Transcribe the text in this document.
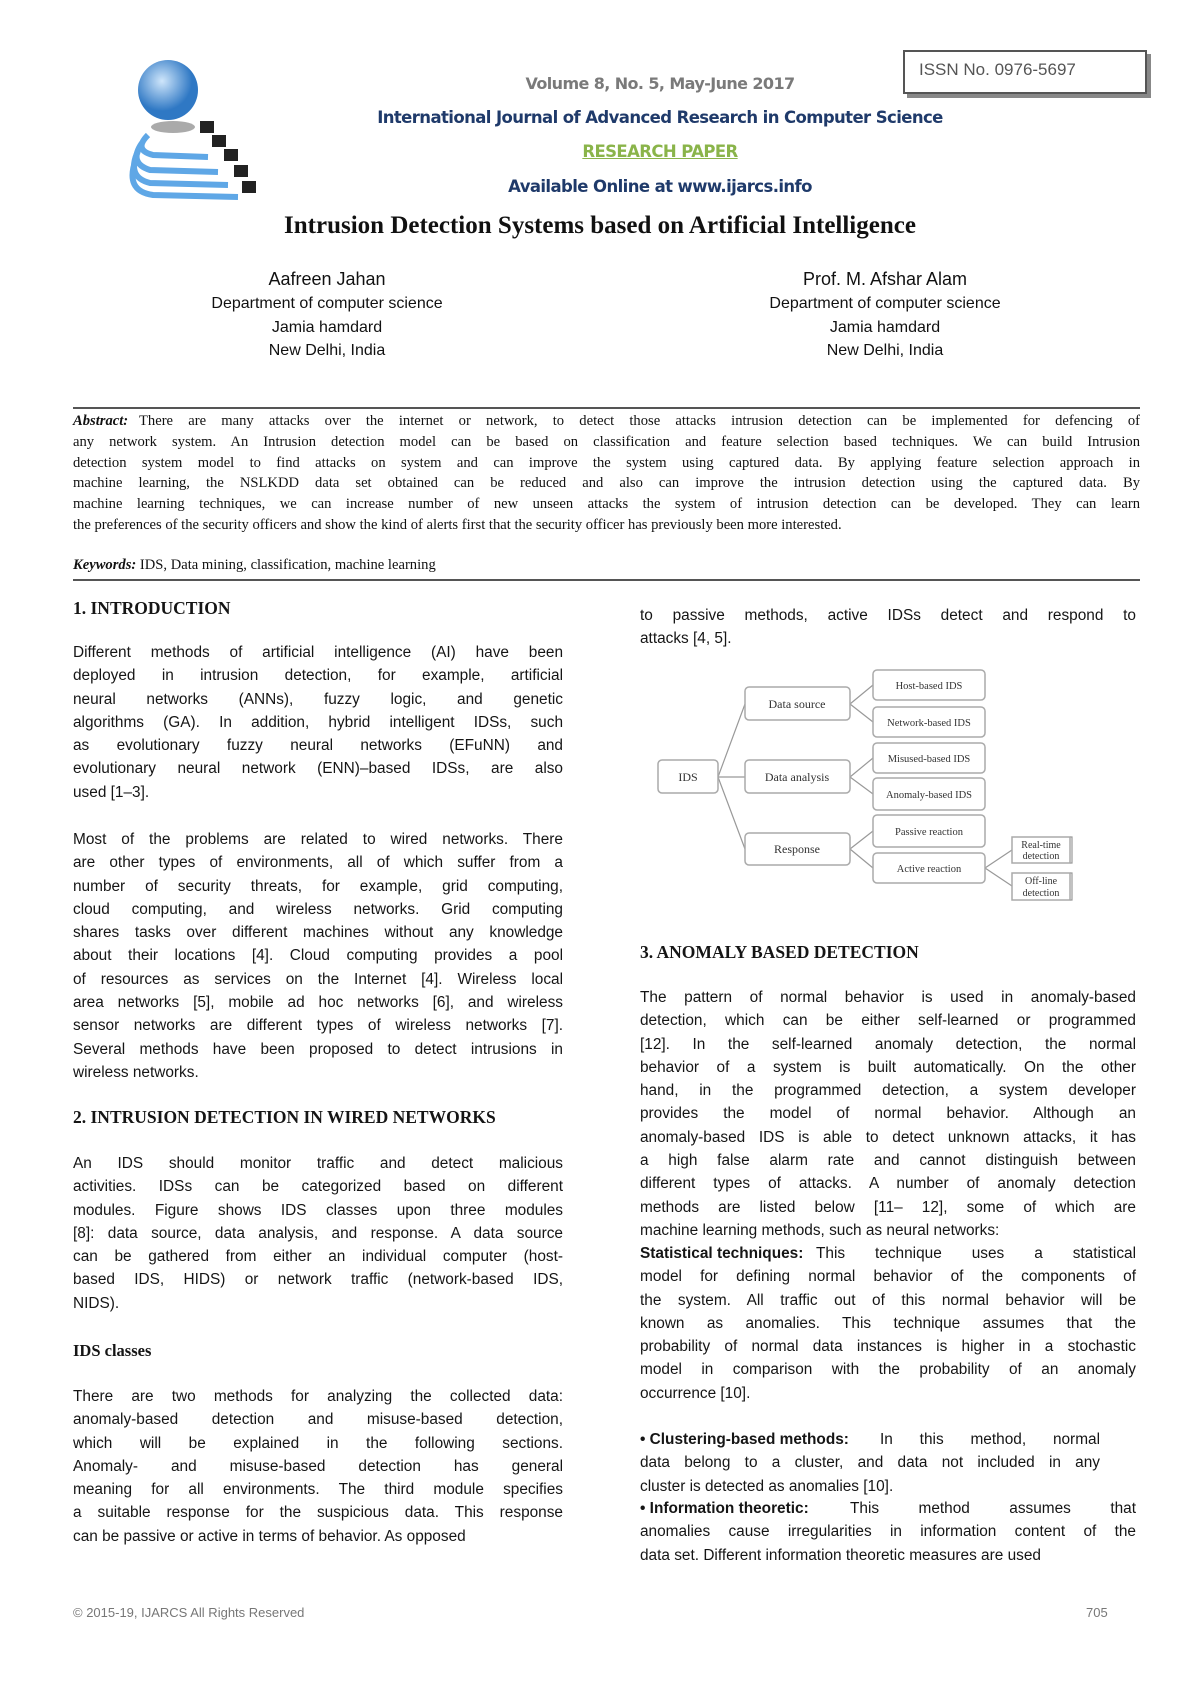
ISSN No. 0976-5697
Volume 8, No. 5, May-June 2017
International Journal of Advanced Research in Computer Science
RESEARCH PAPER
Available Online at www.ijarcs.info
Intrusion Detection Systems based on Artificial Intelligence
Aafreen Jahan
Department of computer science
Jamia hamdard
New Delhi, India
Prof. M. Afshar Alam
Department of computer science
Jamia hamdard
New Delhi, India
Abstract: There are many attacks over the internet or network, to detect those attacks intrusion detection can be implemented for defencing of
any network system. An Intrusion detection model can be based on classification and feature selection based techniques. We can build Intrusion
detection system model to find attacks on system and can improve the system using captured data. By applying feature selection approach in
machine learning, the NSLKDD data set obtained can be reduced and also can improve the intrusion detection using the captured data. By
machine learning techniques, we can increase number of new unseen attacks the system of intrusion detection can be developed. They can learn
the preferences of the security officers and show the kind of alerts first that the security officer has previously been more interested.
Keywords: IDS, Data mining, classification, machine learning
1. INTRODUCTION
Different methods of artificial intelligence (AI) have been
deployed in intrusion detection, for example, artificial
neural networks (ANNs), fuzzy logic, and genetic
algorithms (GA). In addition, hybrid intelligent IDSs, such
as evolutionary fuzzy neural networks (EFuNN) and
evolutionary neural network (ENN)–based IDSs, are also
used [1–3].
Most of the problems are related to wired networks. There
are other types of environments, all of which suffer from a
number of security threats, for example, grid computing,
cloud computing, and wireless networks. Grid computing
shares tasks over different machines without any knowledge
about their locations [4]. Cloud computing provides a pool
of resources as services on the Internet [4]. Wireless local
area networks [5], mobile ad hoc networks [6], and wireless
sensor networks are different types of wireless networks [7].
Several methods have been proposed to detect intrusions in
wireless networks.
2. INTRUSION DETECTION IN WIRED NETWORKS
An IDS should monitor traffic and detect malicious
activities. IDSs can be categorized based on different
modules. Figure shows IDS classes upon three modules
[8]: data source, data analysis, and response. A data source
can be gathered from either an individual computer (host-
based IDS, HIDS) or network traffic (network-based IDS,
NIDS).
IDS classes
There are two methods for analyzing the collected data:
anomaly-based detection and misuse-based detection,
which will be explained in the following sections.
Anomaly- and misuse-based detection has general
meaning for all environments. The third module specifies
a suitable response for the suspicious data. This response
can be passive or active in terms of behavior. As opposed
to passive methods, active IDSs detect and respond to
attacks [4, 5].
IDS
Data source
Data analysis
Response
Host-based IDS
Network-based IDS
Misused-based IDS
Anomaly-based IDS
Passive reaction
Active reaction
Real-time
detection
Off-line
detection
3. ANOMALY BASED DETECTION
The pattern of normal behavior is used in anomaly-based
detection, which can be either self-learned or programmed
[12]. In the self-learned anomaly detection, the normal
behavior of a system is built automatically. On the other
hand, in the programmed detection, a system developer
provides the model of normal behavior. Although an
anomaly-based IDS is able to detect unknown attacks, it has
a high false alarm rate and cannot distinguish between
different types of attacks. A number of anomaly detection
methods are listed below [11– 12], some of which are
machine learning methods, such as neural networks:
Statistical techniques: This technique uses a statistical
model for defining normal behavior of the components of
the system. All traffic out of this normal behavior will be
known as anomalies. This technique assumes that the
probability of normal data instances is higher in a stochastic
model in comparison with the probability of an anomaly
occurrence [10].
• Clustering-based methods:	In this method, normal
data belong to a cluster, and data not included in any
cluster is detected as anomalies [10].
• Information theoretic:	This method assumes that
anomalies cause irregularities in information content of the
data set. Different information theoretic measures are used
© 2015-19, IJARCS All Rights Reserved	705
